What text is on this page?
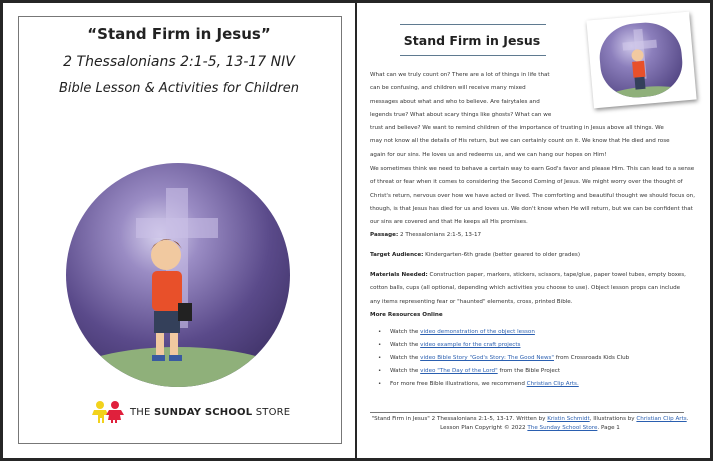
“Stand Firm in Jesus”
2 Thessalonians 2:1-5, 13-17 NIV
Bible Lesson & Activities for Children
THE SUNDAY SCHOOL STORE
Stand Firm in Jesus
What can we truly count on? There are a lot of things in life that
can be confusing, and children will receive many mixed
messages about what and who to believe. Are fairytales and
legends true? What about scary things like ghosts? What can we
trust and believe? We want to remind children of the importance of trusting in Jesus above all things. We
may not know all the details of His return, but we can certainly count on it. We know that He died and rose
again for our sins. He loves us and redeems us, and we can hang our hopes on Him!
We sometimes think we need to behave a certain way to earn God's favor and please Him. This can lead to a sense of threat or fear when it comes to considering the Second Coming of Jesus. We might worry over the thought of Christ's return, nervous over how we have acted or lived. The comforting and beautiful thought we should focus on, though, is that Jesus has died for us and loves us. We don't know when He will return, but we can be confident that our sins are covered and that He keeps all His promises.
Passage: 2 Thessalonians 2:1-5, 13-17
Target Audience: Kindergarten-6th grade (better geared to older grades)
Materials Needed: Construction paper, markers, stickers, scissors, tape/glue, paper towel tubes, empty boxes, cotton balls, cups (all optional, depending which activities you choose to use). Object lesson props can include any items representing fear or "haunted" elements, cross, printed Bible.
More Resources Online
• Watch the video demonstration of the object lesson
• Watch the video example for the craft projects
• Watch the video Bible Story "God's Story: The Good News" from Crossroads Kids Club
• Watch the video "The Day of the Lord" from the Bible Project
• For more free Bible illustrations, we recommend Christian Clip Arts.
"Stand Firm in Jesus" 2 Thessalonians 2:1-5, 13-17. Written by Kristin Schmidt, Illustrations by Christian Clip Arts. Lesson Plan Copyright © 2022 The Sunday School Store. Page 1
